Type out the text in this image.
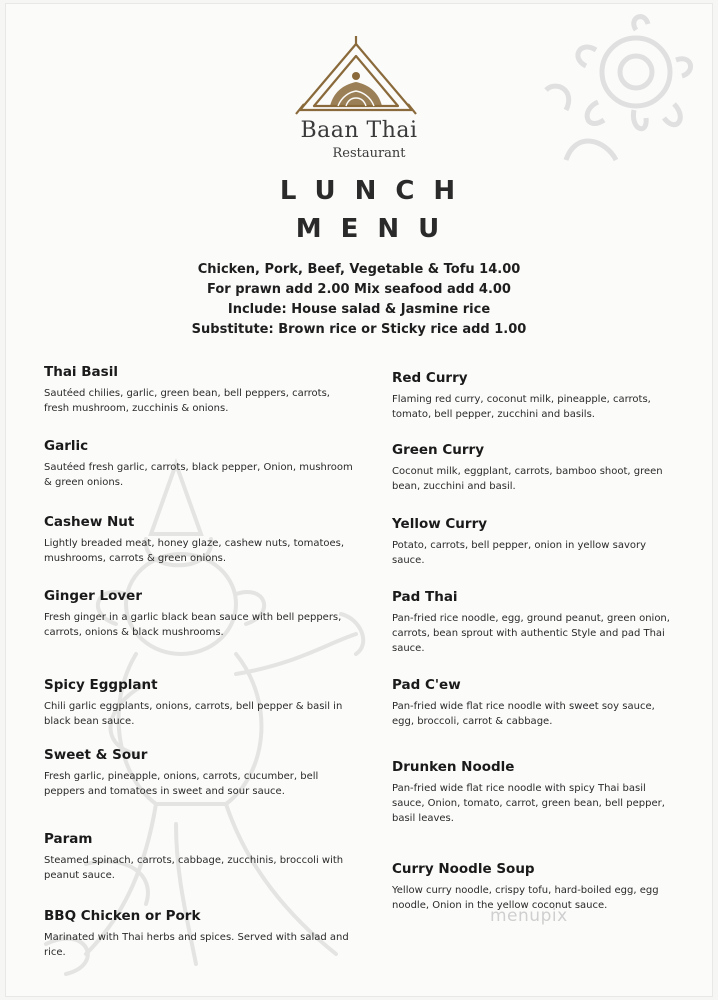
Baan Thai
Restaurant
LUNCH
MENU
Chicken, Pork, Beef, Vegetable & Tofu 14.00
For prawn add 2.00 Mix seafood add 4.00
Include: House salad & Jasmine rice
Substitute: Brown rice or Sticky rice add 1.00
Thai Basil
Sautéed chilies, garlic, green bean, bell peppers, carrots, fresh mushroom, zucchinis & onions.
Garlic
Sautéed fresh garlic, carrots, black pepper, Onion, mushroom & green onions.
Cashew Nut
Lightly breaded meat, honey glaze, cashew nuts, tomatoes, mushrooms, carrots & green onions.
Ginger Lover
Fresh ginger in a garlic black bean sauce with bell peppers, carrots, onions & black mushrooms.
Spicy Eggplant
Chili garlic eggplants, onions, carrots, bell pepper & basil in black bean sauce.
Sweet & Sour
Fresh garlic, pineapple, onions, carrots, cucumber, bell peppers and tomatoes in sweet and sour sauce.
Param
Steamed spinach, carrots, cabbage, zucchinis, broccoli with peanut sauce.
BBQ Chicken or Pork
Marinated with Thai herbs and spices. Served with salad and rice.
Red Curry
Flaming red curry, coconut milk, pineapple, carrots, tomato, bell pepper, zucchini and basils.
Green Curry
Coconut milk, eggplant, carrots, bamboo shoot, green bean, zucchini and basil.
Yellow Curry
Potato, carrots, bell pepper, onion in yellow savory sauce.
Pad Thai
Pan-fried rice noodle, egg, ground peanut, green onion, carrots, bean sprout with authentic Style and pad Thai sauce.
Pad C'ew
Pan-fried wide flat rice noodle with sweet soy sauce, egg, broccoli, carrot & cabbage.
Drunken Noodle
Pan-fried wide flat rice noodle with spicy Thai basil sauce, Onion, tomato, carrot, green bean, bell pepper, basil leaves.
Curry Noodle Soup
Yellow curry noodle, crispy tofu, hard-boiled egg, egg noodle, Onion in the yellow coconut sauce.
menupix
